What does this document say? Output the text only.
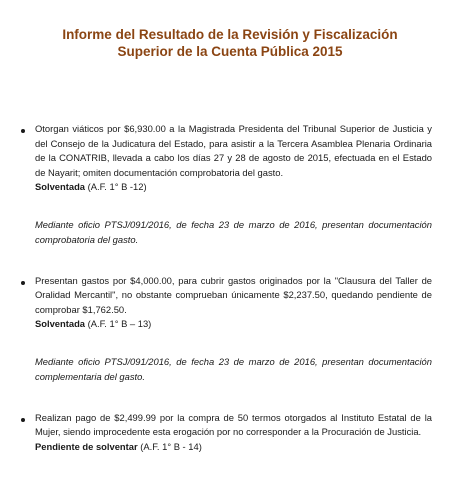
Informe del Resultado de la Revisión y Fiscalización
Superior de la Cuenta Pública 2015

Otorgan viáticos por $6,930.00 a la Magistrada Presidenta del Tribunal Superior de Justicia y del Consejo de la Judicatura del Estado, para asistir a la Tercera Asamblea Plenaria Ordinaria de la CONATRIB, llevada a cabo los días 27 y 28 de agosto de 2015, efectuada en el Estado de Nayarit; omiten documentación comprobatoria del gasto.

Solventada (A.F. 1° B -12)

Mediante oficio PTSJ/091/2016, de fecha 23 de marzo de 2016, presentan documentación comprobatoria del gasto.

Presentan gastos por $4,000.00, para cubrir gastos originados por la "Clausura del Taller de Oralidad Mercantil", no obstante comprueban únicamente $2,237.50, quedando pendiente de comprobar $1,762.50.

Solventada (A.F. 1° B – 13)

Mediante oficio PTSJ/091/2016, de fecha 23 de marzo de 2016, presentan documentación complementaria del gasto.

Realizan pago de $2,499.99 por la compra de 50 termos otorgados al Instituto Estatal de la Mujer, siendo improcedente esta erogación por no corresponder a la Procuración de Justicia.

Pendiente de solventar (A.F. 1° B - 14)
